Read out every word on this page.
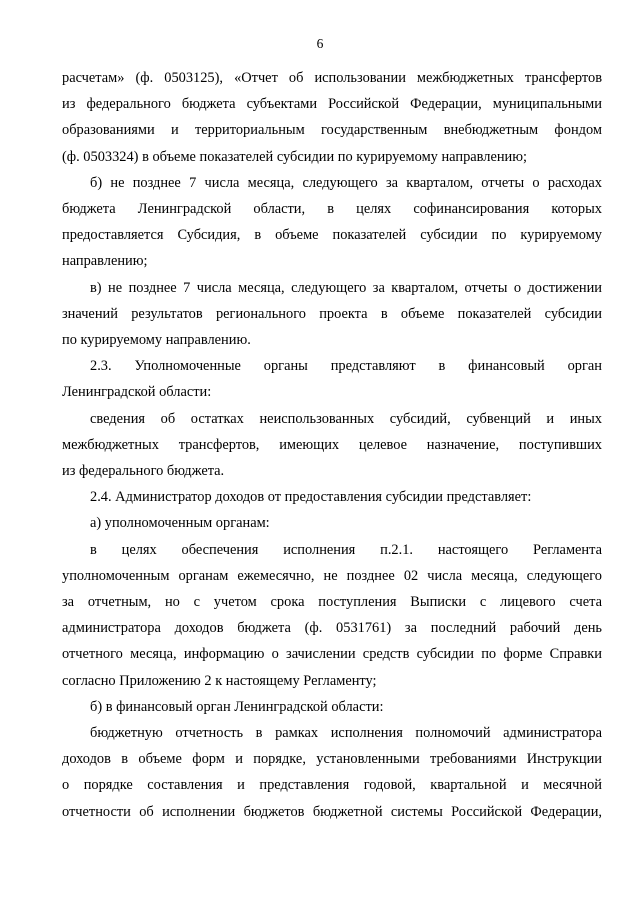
6

расчетам» (ф. 0503125), «Отчет об использовании межбюджетных трансфертов
из федерального бюджета субъектами Российской Федерации, муниципальными
образованиями и территориальным государственным внебюджетным фондом
(ф. 0503324) в объеме показателей субсидии по курируемому направлению;

б) не позднее 7 числа месяца, следующего за кварталом, отчеты о расходах
бюджета Ленинградской области, в целях софинансирования которых
предоставляется Субсидия, в объеме показателей субсидии по курируемому
направлению;

в) не позднее 7 числа месяца, следующего за кварталом, отчеты о достижении
значений результатов регионального проекта в объеме показателей субсидии
по курируемому направлению.

2.3. Уполномоченные органы представляют в финансовый орган
Ленинградской области:

сведения об остатках неиспользованных субсидий, субвенций и иных
межбюджетных трансфертов, имеющих целевое назначение, поступивших
из федерального бюджета.

2.4. Администратор доходов от предоставления субсидии представляет:

а) уполномоченным органам:

в целях обеспечения исполнения п.2.1. настоящего Регламента
уполномоченным органам ежемесячно, не позднее 02 числа месяца, следующего
за отчетным, но с учетом срока поступления Выписки с лицевого счета
администратора доходов бюджета (ф. 0531761) за последний рабочий день
отчетного месяца, информацию о зачислении средств субсидии по форме Справки
согласно Приложению 2 к настоящему Регламенту;

б) в финансовый орган Ленинградской области:

бюджетную отчетность в рамках исполнения полномочий администратора
доходов в объеме форм и порядке, установленными требованиями Инструкции
о порядке составления и представления годовой, квартальной и месячной
отчетности об исполнении бюджетов бюджетной системы Российской Федерации,
